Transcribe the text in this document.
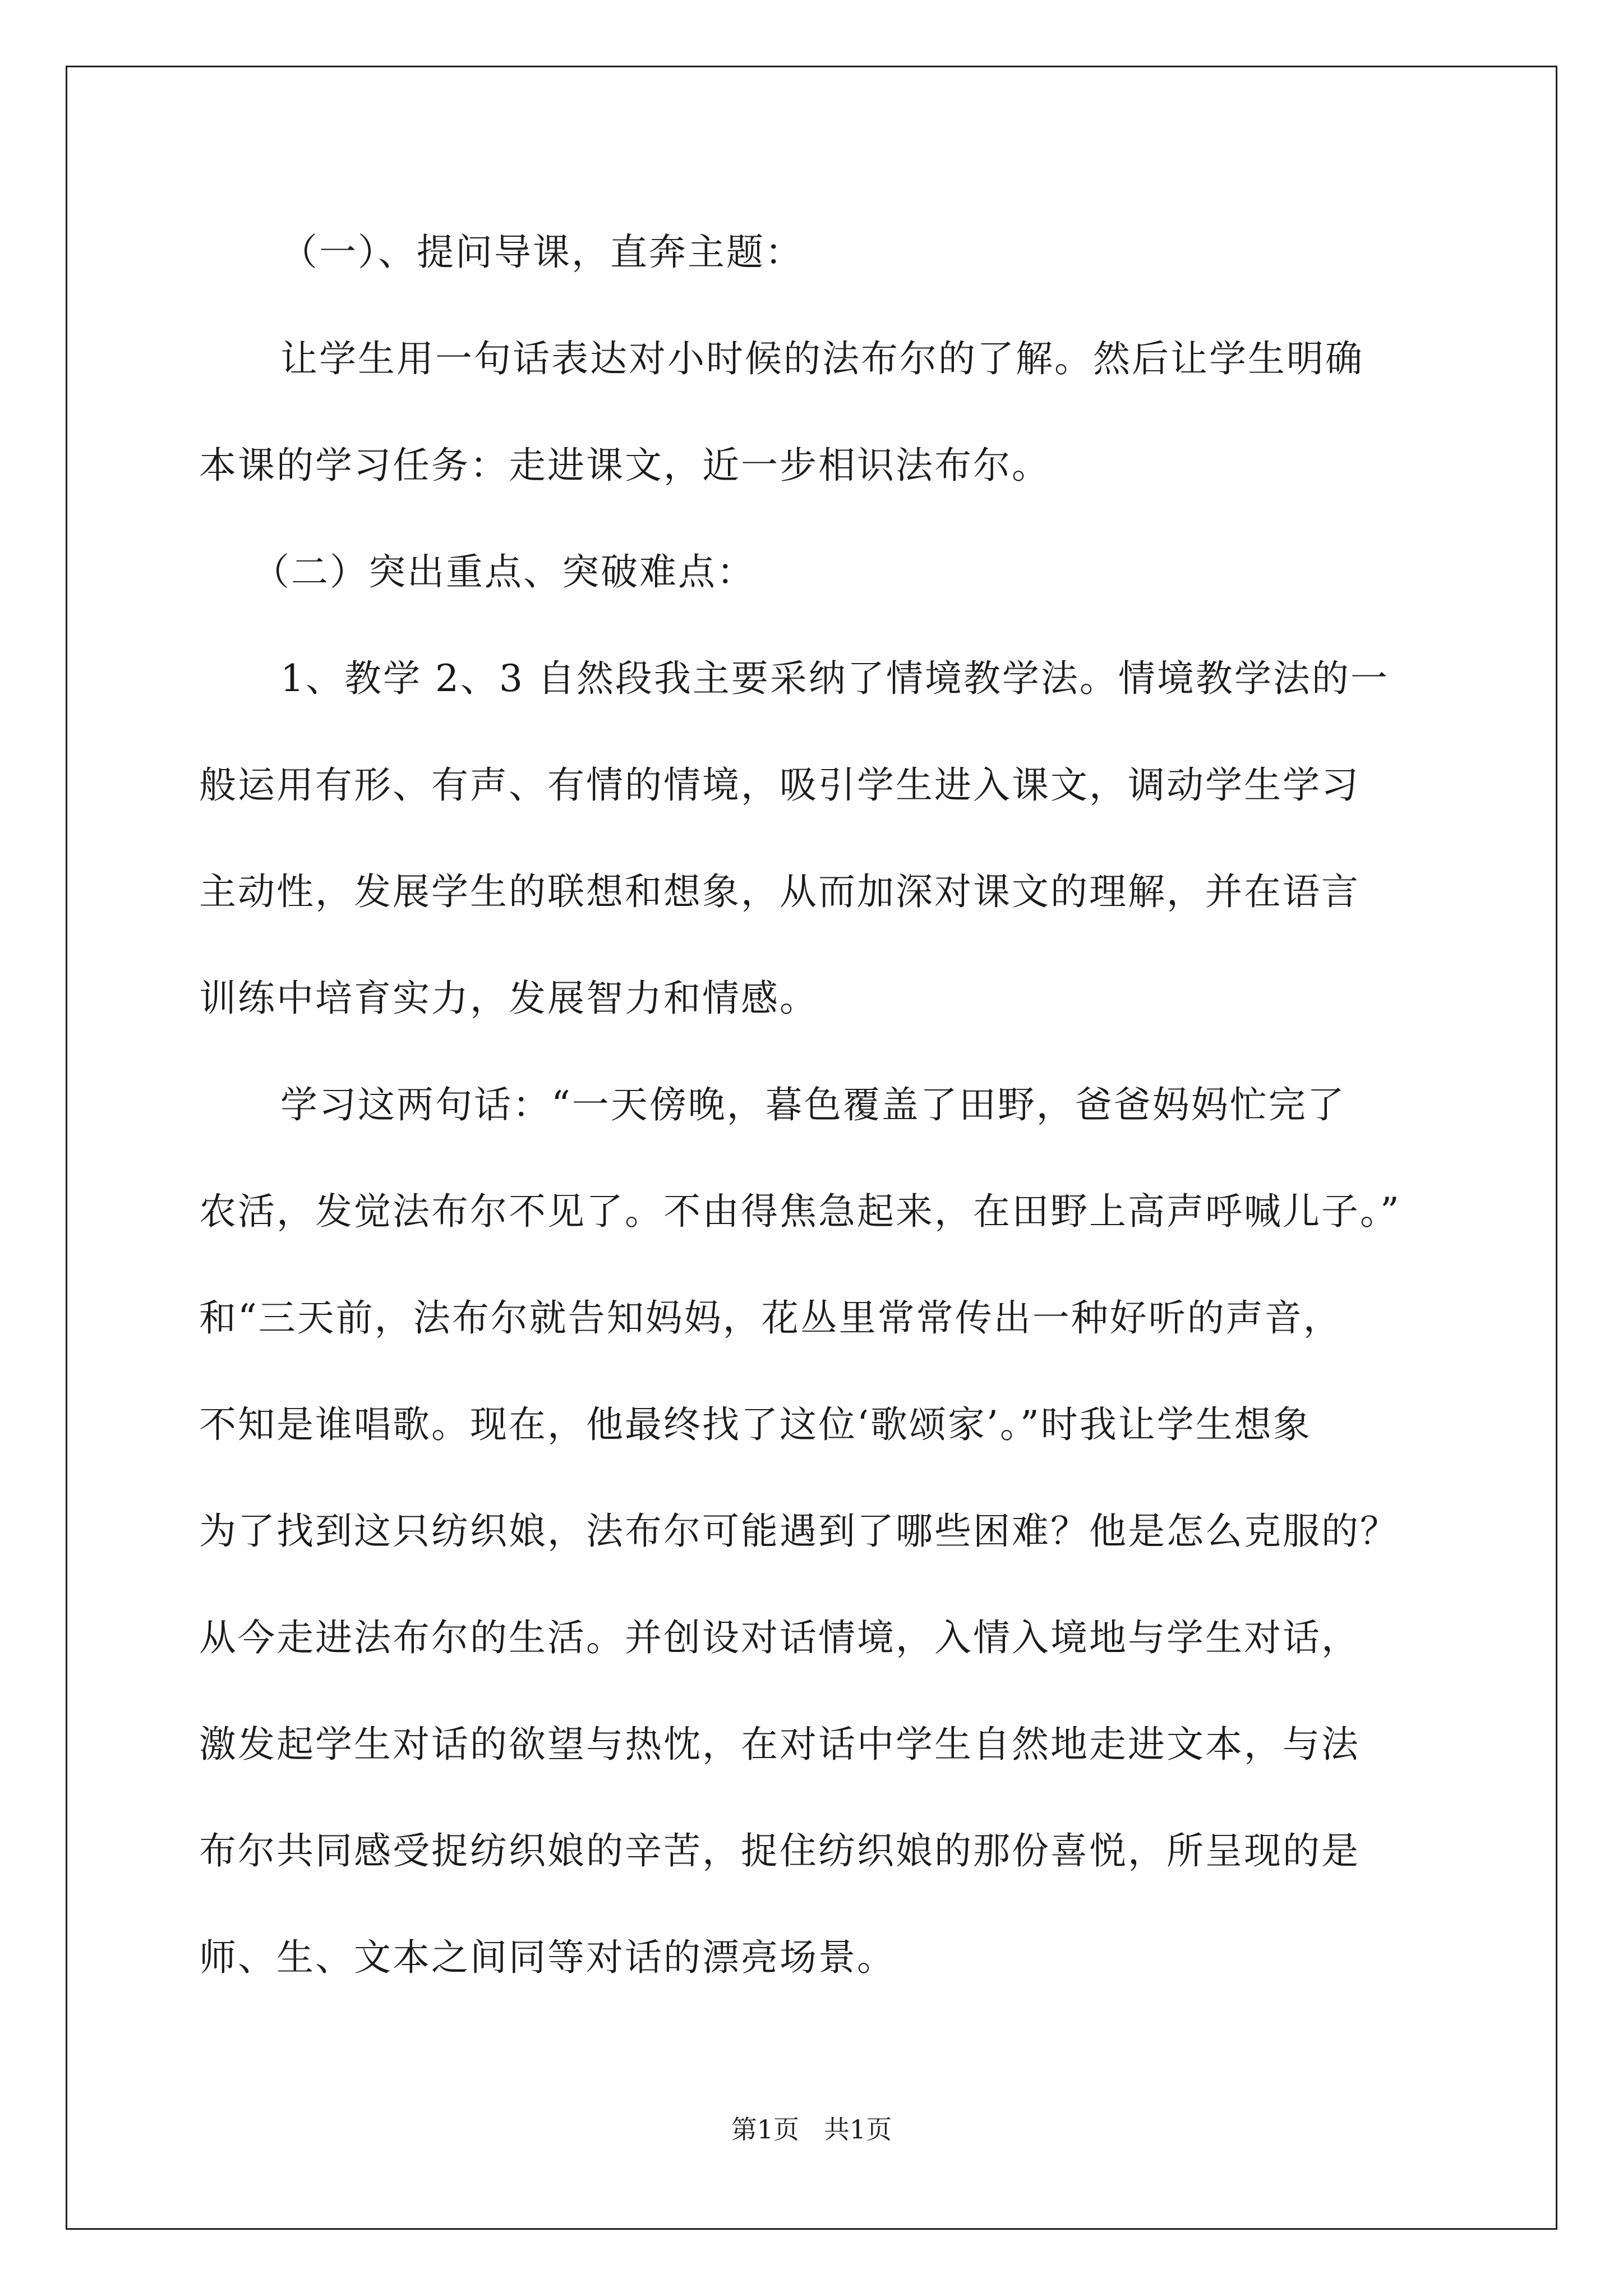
（一）、提问导课，直奔主题：
让学生用一句话表达对小时候的法布尔的了解。然后让学生明确
本课的学习任务：走进课文，近一步相识法布尔。
（二）突出重点、突破难点：
1、教学 2、3 自然段我主要采纳了情境教学法。情境教学法的一
般运用有形、有声、有情的情境，吸引学生进入课文，调动学生学习
主动性，发展学生的联想和想象，从而加深对课文的理解，并在语言
训练中培育实力，发展智力和情感。
学习这两句话：“一天傍晚，暮色覆盖了田野，爸爸妈妈忙完了
农活，发觉法布尔不见了。不由得焦急起来，在田野上高声呼喊儿子。”
和“三天前，法布尔就告知妈妈，花丛里常常传出一种好听的声音，
不知是谁唱歌。现在，他最终找了这位‘歌颂家’。”时我让学生想象
为了找到这只纺织娘，法布尔可能遇到了哪些困难？他是怎么克服的？
从今走进法布尔的生活。并创设对话情境，入情入境地与学生对话，
激发起学生对话的欲望与热忱，在对话中学生自然地走进文本，与法
布尔共同感受捉纺织娘的辛苦，捉住纺织娘的那份喜悦，所呈现的是
师、生、文本之间同等对话的漂亮场景。
第1页   共1页
